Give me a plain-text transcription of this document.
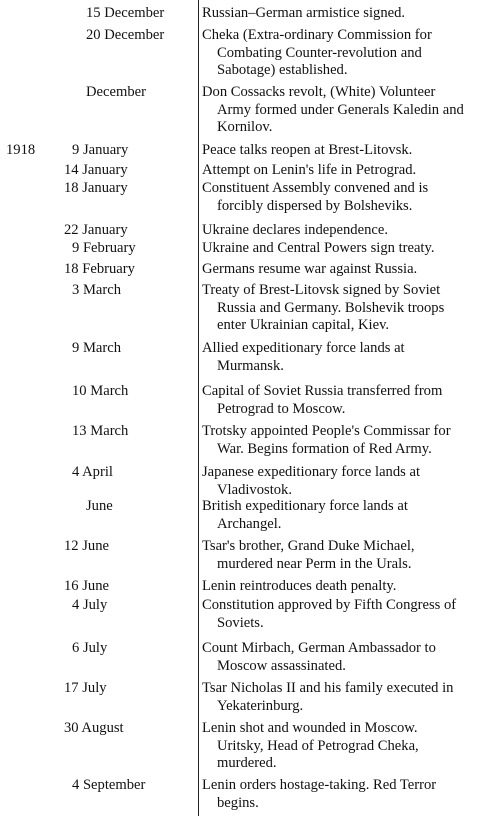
15 December	Russian–German armistice signed.
20 December	Cheka (Extra-ordinary Commission for
Combating Counter-revolution and
Sabotage) established.
December	Don Cossacks revolt, (White) Volunteer
Army formed under Generals Kaledin and
Kornilov.
1918	9 January	Peace talks reopen at Brest-Litovsk.
14 January	Attempt on Lenin's life in Petrograd.
18 January	Constituent Assembly convened and is
forcibly dispersed by Bolsheviks.
22 January	Ukraine declares independence.
9 February	Ukraine and Central Powers sign treaty.
18 February	Germans resume war against Russia.
3 March	Treaty of Brest-Litovsk signed by Soviet
Russia and Germany. Bolshevik troops
enter Ukrainian capital, Kiev.
9 March	Allied expeditionary force lands at
Murmansk.
10 March	Capital of Soviet Russia transferred from
Petrograd to Moscow.
13 March	Trotsky appointed People's Commissar for
War. Begins formation of Red Army.
4 April	Japanese expeditionary force lands at
Vladivostok.
June	British expeditionary force lands at
Archangel.
12 June	Tsar's brother, Grand Duke Michael,
murdered near Perm in the Urals.
16 June	Lenin reintroduces death penalty.
4 July	Constitution approved by Fifth Congress of
Soviets.
6 July	Count Mirbach, German Ambassador to
Moscow assassinated.
17 July	Tsar Nicholas II and his family executed in
Yekaterinburg.
30 August	Lenin shot and wounded in Moscow.
Uritsky, Head of Petrograd Cheka,
murdered.
4 September	Lenin orders hostage-taking. Red Terror
begins.
